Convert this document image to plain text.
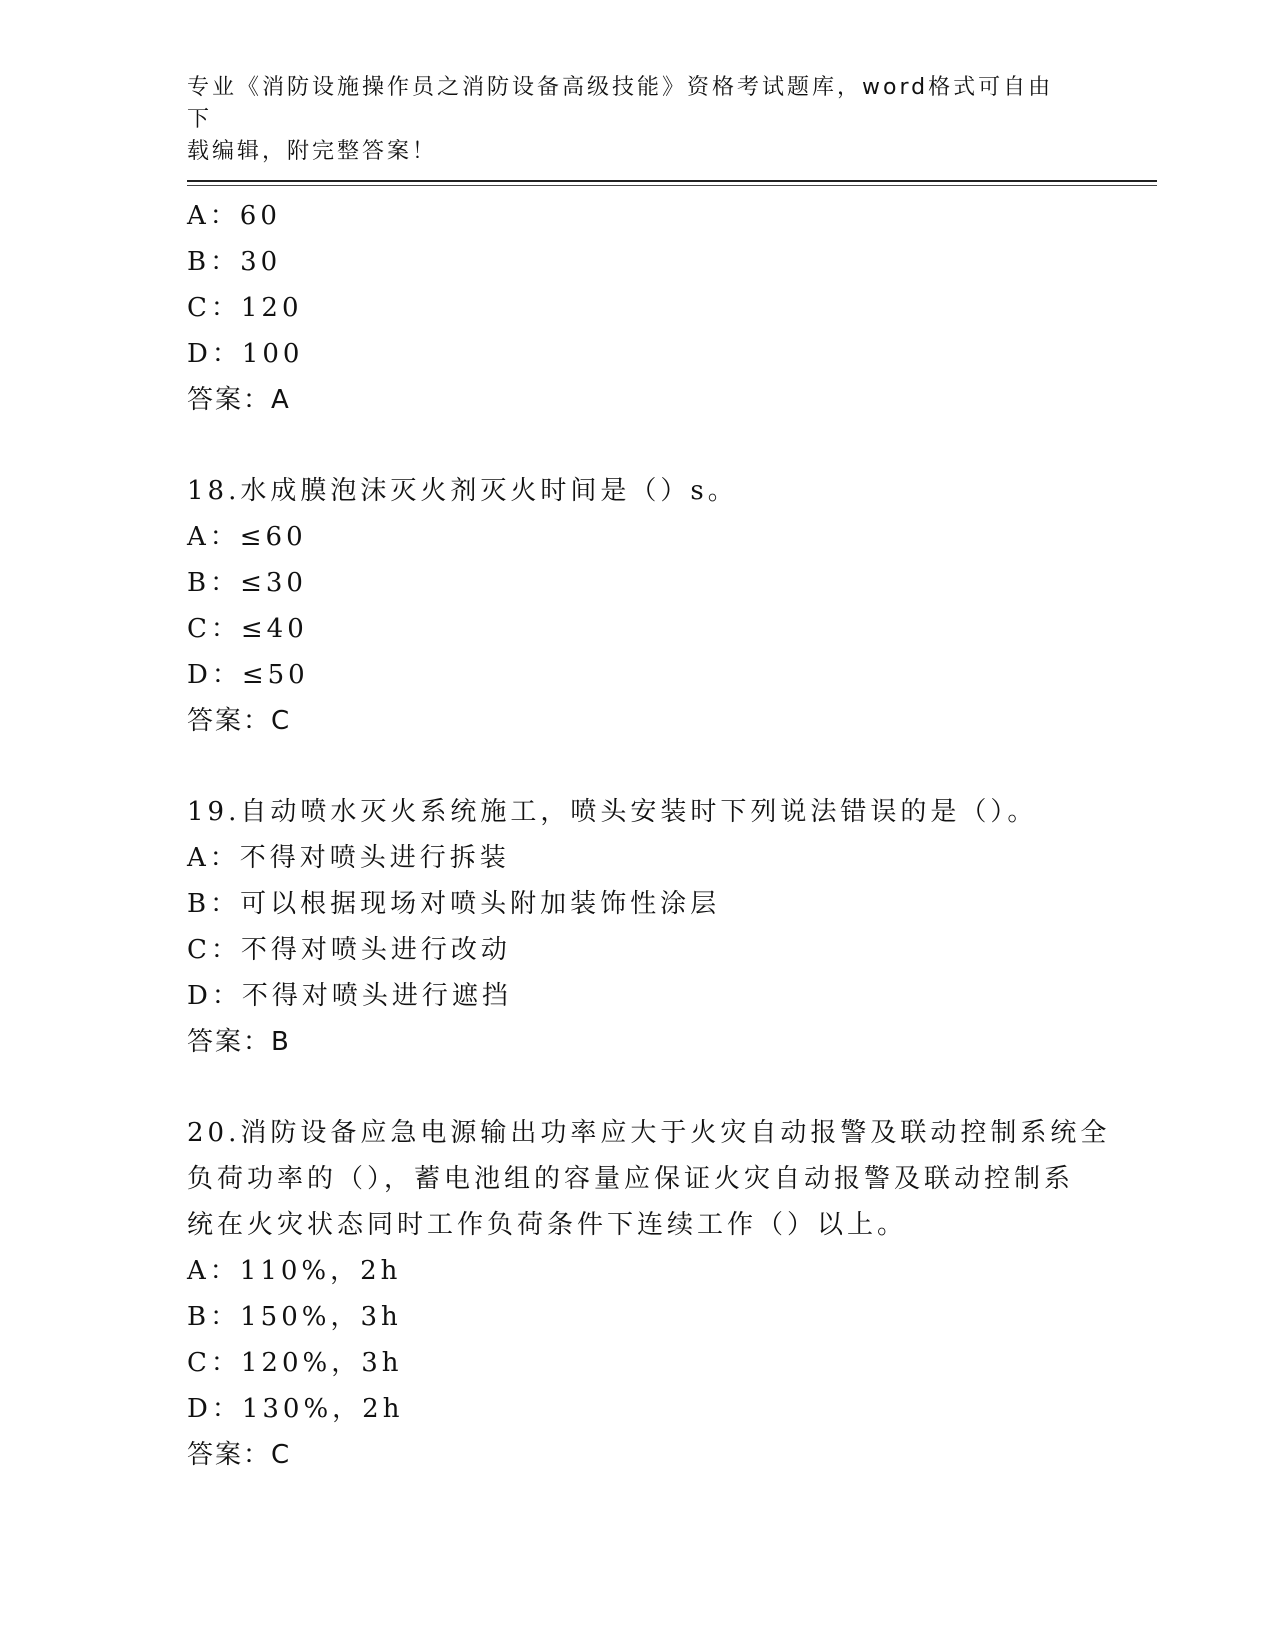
专业《消防设施操作员之消防设备高级技能》资格考试题库，word格式可自由下
载编辑，附完整答案！
A：60
B：30
C：120
D：100
答案：A
18.水成膜泡沫灭火剂灭火时间是（）s。
A：≤60
B：≤30
C：≤40
D：≤50
答案：C
19.自动喷水灭火系统施工，喷头安装时下列说法错误的是（）。
A：不得对喷头进行拆装
B：可以根据现场对喷头附加装饰性涂层
C：不得对喷头进行改动
D：不得对喷头进行遮挡
答案：B
20.消防设备应急电源输出功率应大于火灾自动报警及联动控制系统全
负荷功率的（），蓄电池组的容量应保证火灾自动报警及联动控制系
统在火灾状态同时工作负荷条件下连续工作（）以上。
A：110%，2h
B：150%，3h
C：120%，3h
D：130%，2h
答案：C
